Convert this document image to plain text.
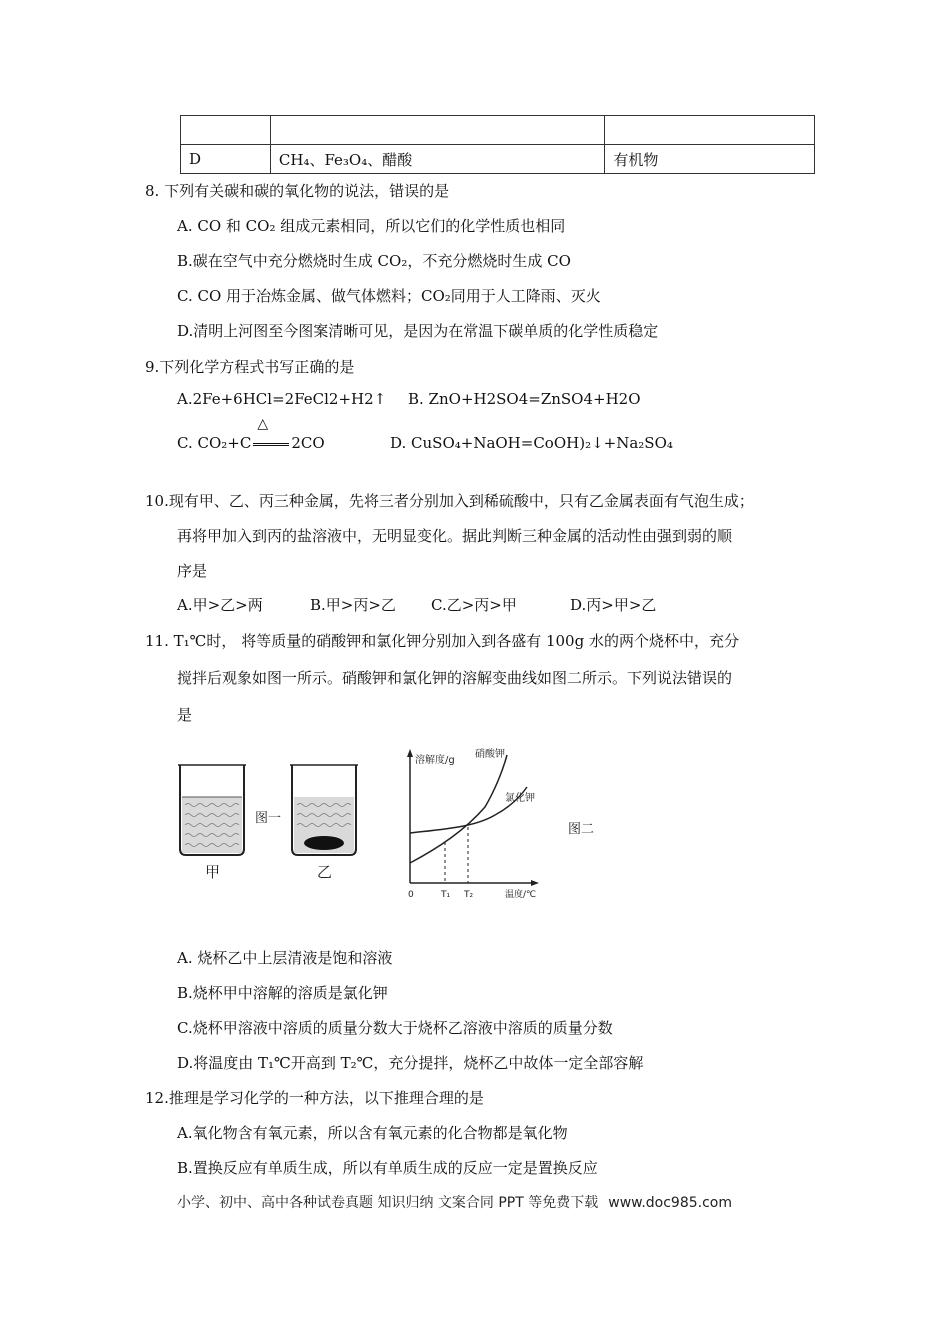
D	CH₄、Fe₃O₄、醋酸	有机物
8. 下列有关碳和碳的氧化物的说法，错误的是
A. CO 和 CO₂ 组成元素相同，所以它们的化学性质也相同
B.碳在空气中充分燃烧时生成 CO₂，不充分燃烧时生成 CO
C. CO 用于冶炼金属、做气体燃料；CO₂同用于人工降雨、灭火
D.清明上河图至今图案清晰可见，是因为在常温下碳单质的化学性质稳定
9.下列化学方程式书写正确的是
A.2Fe+6HCl=2FeCl2+H2↑ B. ZnO+H2SO4=ZnSO4+H2O
C. CO₂+C
△
2CO	D. CuSO₄+NaOH=CoOH)₂↓+Na₂SO₄
10.现有甲、乙、丙三种金属，先将三者分别加入到稀硫酸中，只有乙金属表面有气泡生成；
再将甲加入到丙的盐溶液中，无明显变化。据此判断三种金属的活动性由强到弱的顺
序是
A.甲>乙>两	B.甲>丙>乙 C.乙>丙>甲	D.丙>甲>乙
11. T₁℃时， 将等质量的硝酸钾和氯化钾分别加入到各盛有 100g 水的两个烧杯中，充分
搅拌后观象如图一所示。硝酸钾和氯化钾的溶解变曲线如图二所示。下列说法错误的
是
甲
图一
乙
溶解度/g
硝酸钾
氯化钾
0	T₁ T₂	温度/℃
图二
A. 烧杯乙中上层清液是饱和溶液
B.烧杯甲中溶解的溶质是氯化钾
C.烧杯甲溶液中溶质的质量分数大于烧杯乙溶液中溶质的质量分数
D.将温度由 T₁℃开高到 T₂℃，充分提拌，烧杯乙中故体一定全部容解
12.推理是学习化学的一种方法，以下推理合理的是
A.氧化物含有氧元素，所以含有氧元素的化合物都是氧化物
B.置换反应有单质生成，所以有单质生成的反应一定是置换反应
小学、初中、高中各种试卷真题 知识归纳 文案合同 PPT 等免费下载 www.doc985.com
